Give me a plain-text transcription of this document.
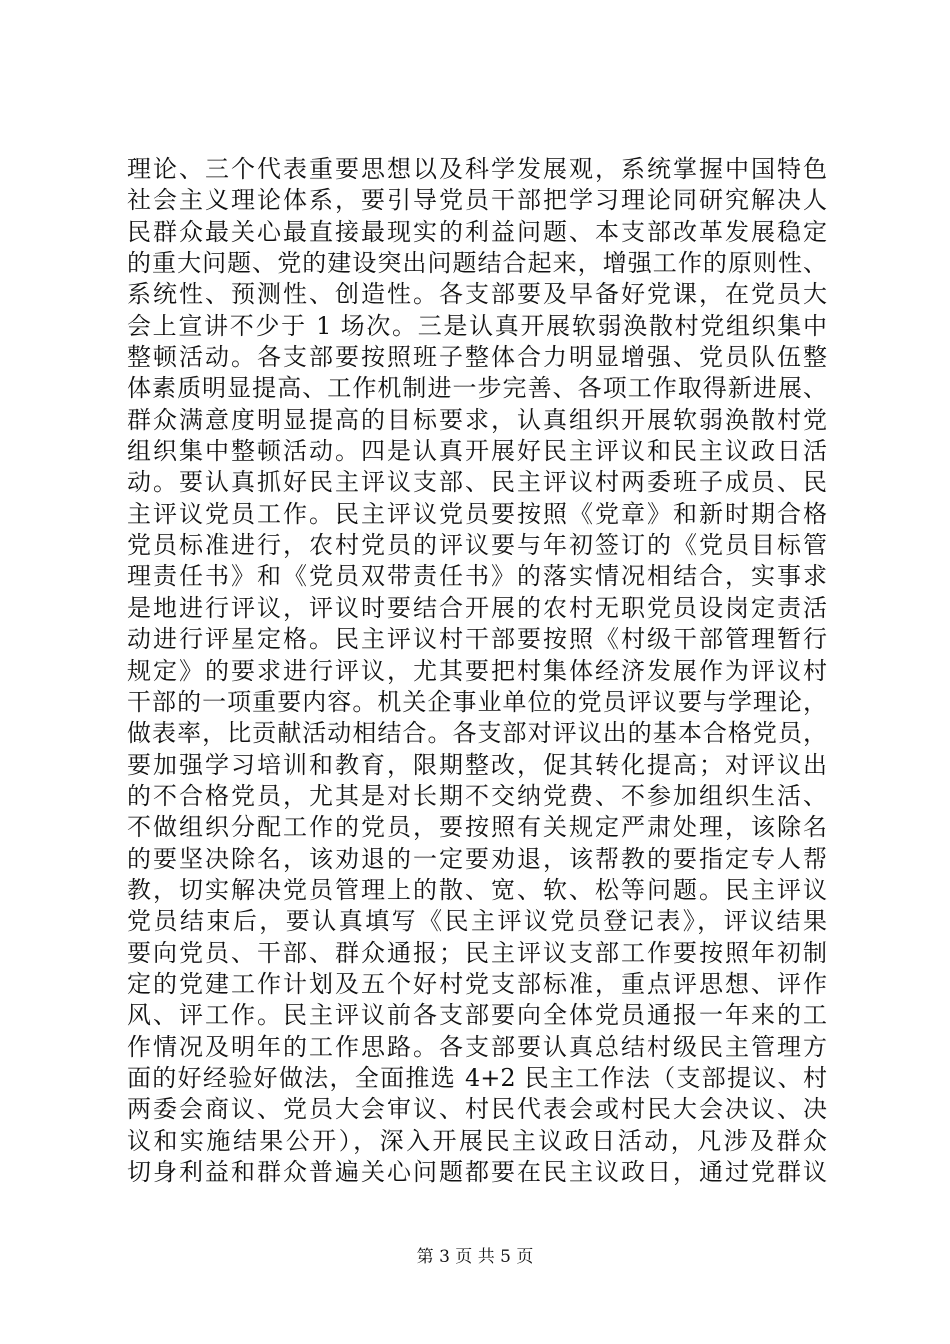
理论、三个代表重要思想以及科学发展观，系统掌握中国特色
社会主义理论体系，要引导党员干部把学习理论同研究解决人
民群众最关心最直接最现实的利益问题、本支部改革发展稳定
的重大问题、党的建设突出问题结合起来，增强工作的原则性、
系统性、预测性、创造性。各支部要及早备好党课，在党员大
会上宣讲不少于 1 场次。三是认真开展软弱涣散村党组织集中
整顿活动。各支部要按照班子整体合力明显增强、党员队伍整
体素质明显提高、工作机制进一步完善、各项工作取得新进展、
群众满意度明显提高的目标要求，认真组织开展软弱涣散村党
组织集中整顿活动。四是认真开展好民主评议和民主议政日活
动。要认真抓好民主评议支部、民主评议村两委班子成员、民
主评议党员工作。民主评议党员要按照《党章》和新时期合格
党员标准进行，农村党员的评议要与年初签订的《党员目标管
理责任书》和《党员双带责任书》的落实情况相结合，实事求
是地进行评议，评议时要结合开展的农村无职党员设岗定责活
动进行评星定格。民主评议村干部要按照《村级干部管理暂行
规定》的要求进行评议，尤其要把村集体经济发展作为评议村
干部的一项重要内容。机关企事业单位的党员评议要与学理论，
做表率，比贡献活动相结合。各支部对评议出的基本合格党员，
要加强学习培训和教育，限期整改，促其转化提高；对评议出
的不合格党员，尤其是对长期不交纳党费、不参加组织生活、
不做组织分配工作的党员，要按照有关规定严肃处理，该除名
的要坚决除名，该劝退的一定要劝退，该帮教的要指定专人帮
教，切实解决党员管理上的散、宽、软、松等问题。民主评议
党员结束后，要认真填写《民主评议党员登记表》，评议结果
要向党员、干部、群众通报；民主评议支部工作要按照年初制
定的党建工作计划及五个好村党支部标准，重点评思想、评作
风、评工作。民主评议前各支部要向全体党员通报一年来的工
作情况及明年的工作思路。各支部要认真总结村级民主管理方
面的好经验好做法，全面推选 4+2 民主工作法（支部提议、村
两委会商议、党员大会审议、村民代表会或村民大会决议、决
议和实施结果公开），深入开展民主议政日活动，凡涉及群众
切身利益和群众普遍关心问题都要在民主议政日，通过党群议
第 3 页 共 5 页
